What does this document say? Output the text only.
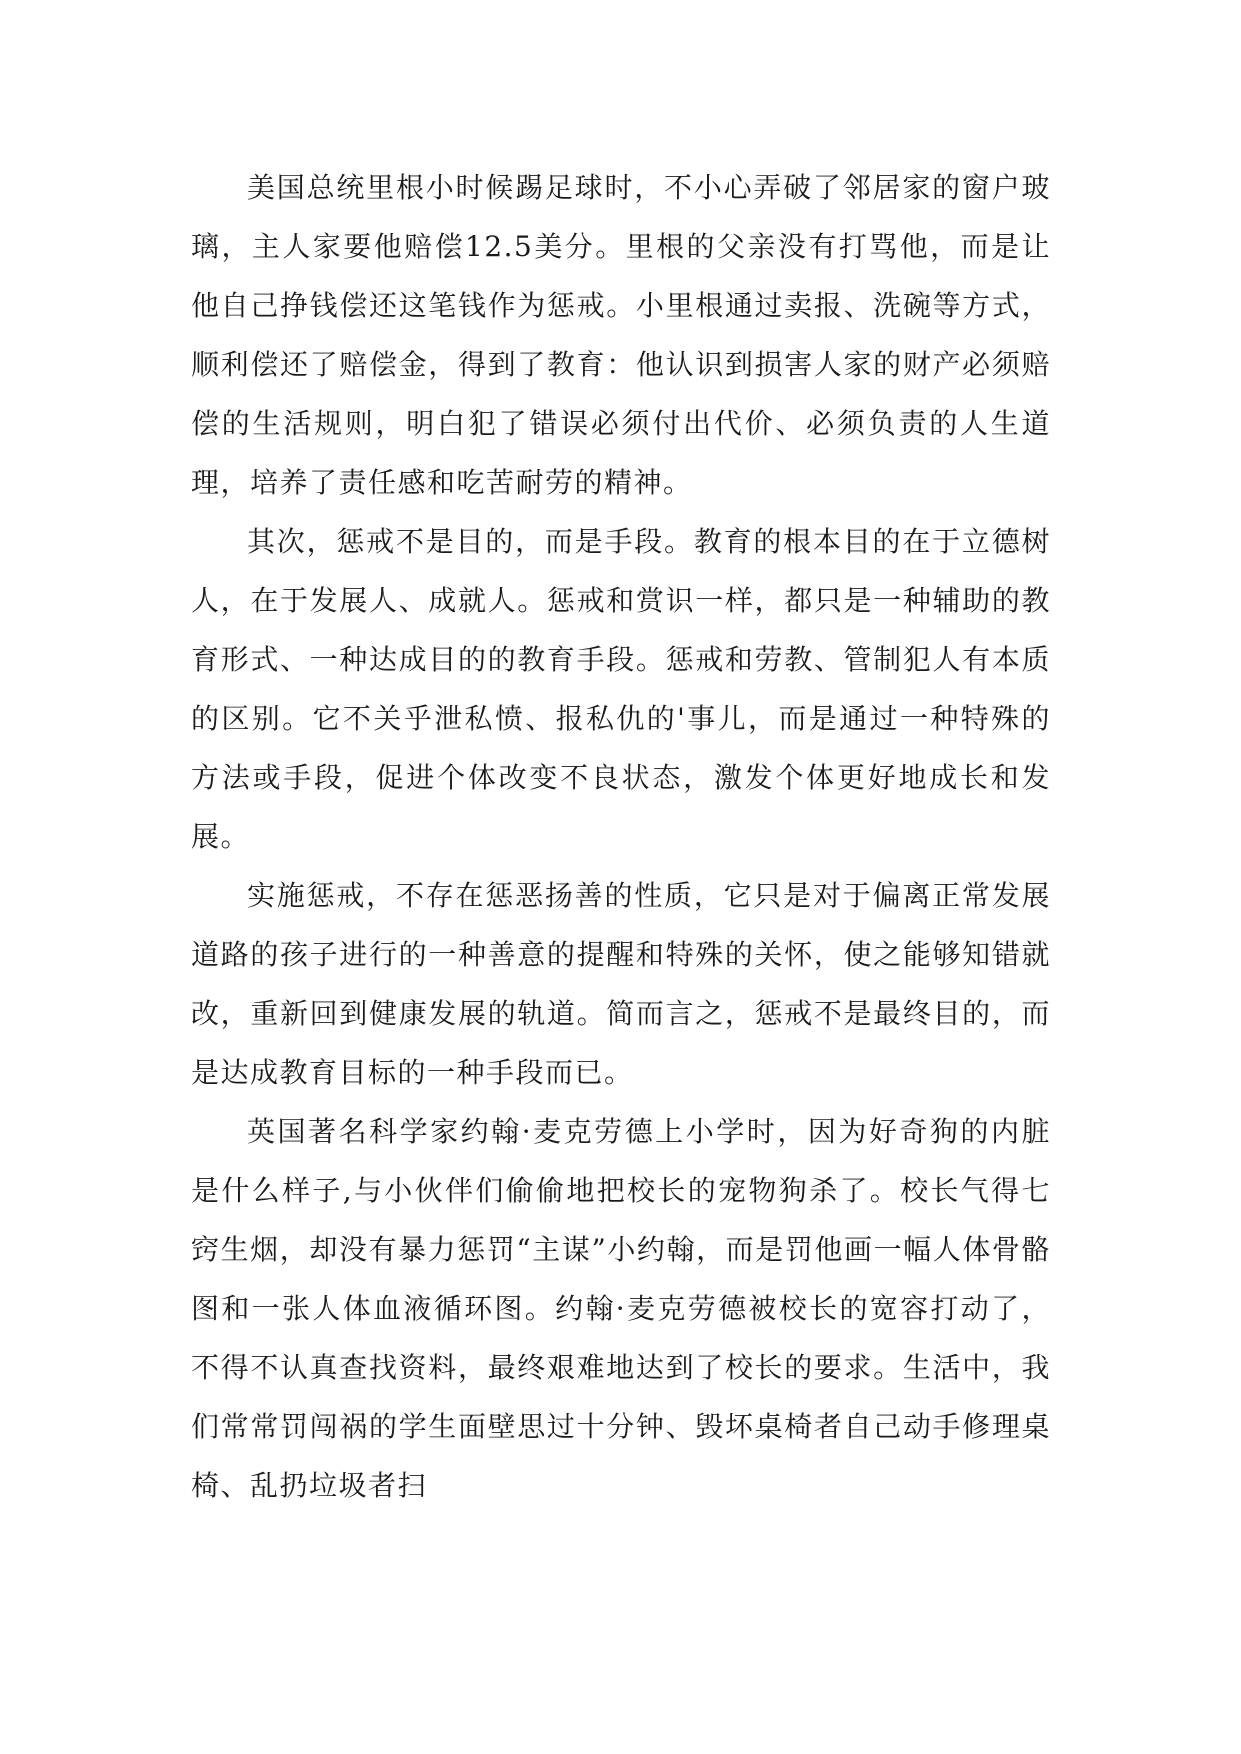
美国总统里根小时候踢足球时，不小心弄破了邻居家的窗户玻璃，主人家要他赔偿12.5美分。里根的父亲没有打骂他，而是让他自己挣钱偿还这笔钱作为惩戒。小里根通过卖报、洗碗等方式，顺利偿还了赔偿金，得到了教育：他认识到损害人家的财产必须赔偿的生活规则，明白犯了错误必须付出代价、必须负责的人生道理，培养了责任感和吃苦耐劳的精神。

其次，惩戒不是目的，而是手段。教育的根本目的在于立德树人，在于发展人、成就人。惩戒和赏识一样，都只是一种辅助的教育形式、一种达成目的的教育手段。惩戒和劳教、管制犯人有本质的区别。它不关乎泄私愤、报私仇的'事儿，而是通过一种特殊的方法或手段，促进个体改变不良状态，激发个体更好地成长和发展。

实施惩戒，不存在惩恶扬善的性质，它只是对于偏离正常发展道路的孩子进行的一种善意的提醒和特殊的关怀，使之能够知错就改，重新回到健康发展的轨道。简而言之，惩戒不是最终目的，而是达成教育目标的一种手段而已。

英国著名科学家约翰·麦克劳德上小学时，因为好奇狗的内脏是什么样子,与小伙伴们偷偷地把校长的宠物狗杀了。校长气得七窍生烟，却没有暴力惩罚“主谋”小约翰，而是罚他画一幅人体骨骼图和一张人体血液循环图。约翰·麦克劳德被校长的宽容打动了，不得不认真查找资料，最终艰难地达到了校长的要求。生活中，我们常常罚闯祸的学生面壁思过十分钟、毁坏桌椅者自己动手修理桌椅、乱扔垃圾者扫
